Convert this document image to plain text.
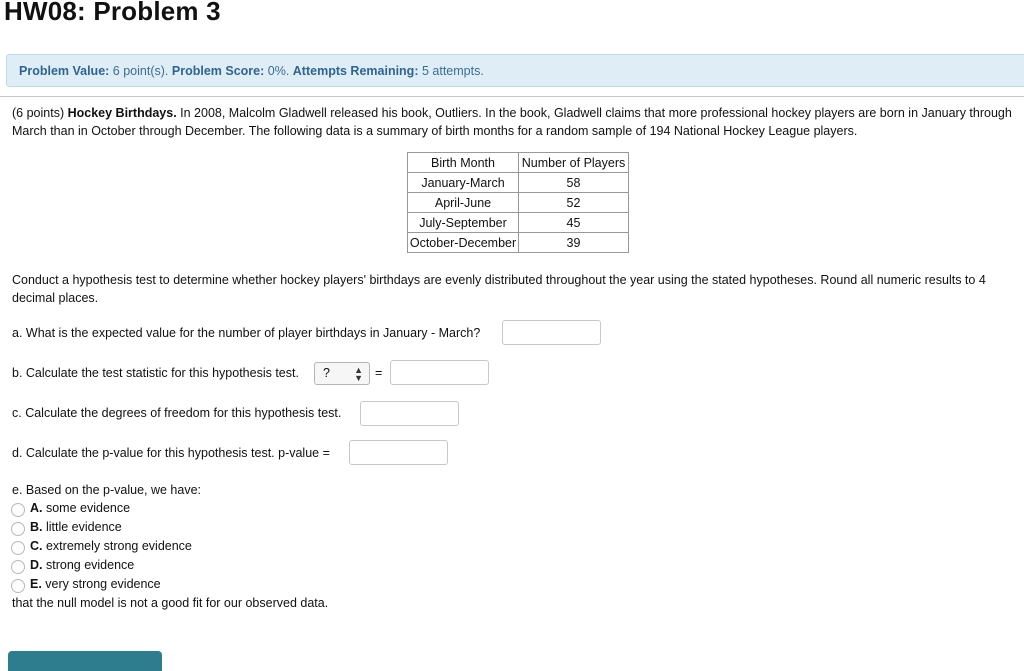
HW08: Problem 3
Problem Value: 6 point(s). Problem Score: 0%. Attempts Remaining: 5 attempts.
(6 points) Hockey Birthdays. In 2008, Malcolm Gladwell released his book, Outliers. In the book, Gladwell claims that more professional hockey players are born in January through March than in October through December. The following data is a summary of birth months for a random sample of 194 National Hockey League players.
Birth Month	Number of Players
January-March	58
April-June	52
July-September	45
October-December	39
Conduct a hypothesis test to determine whether hockey players' birthdays are evenly distributed throughout the year using the stated hypotheses. Round all numeric results to 4 decimal places.
a. What is the expected value for the number of player birthdays in January - March?
b. Calculate the test statistic for this hypothesis test.	?	▲
▼ =
c. Calculate the degrees of freedom for this hypothesis test.
d. Calculate the p-value for this hypothesis test. p-value =
e. Based on the p-value, we have:
A. some evidence
B. little evidence
C. extremely strong evidence
D. strong evidence
E. very strong evidence
that the null model is not a good fit for our observed data.
